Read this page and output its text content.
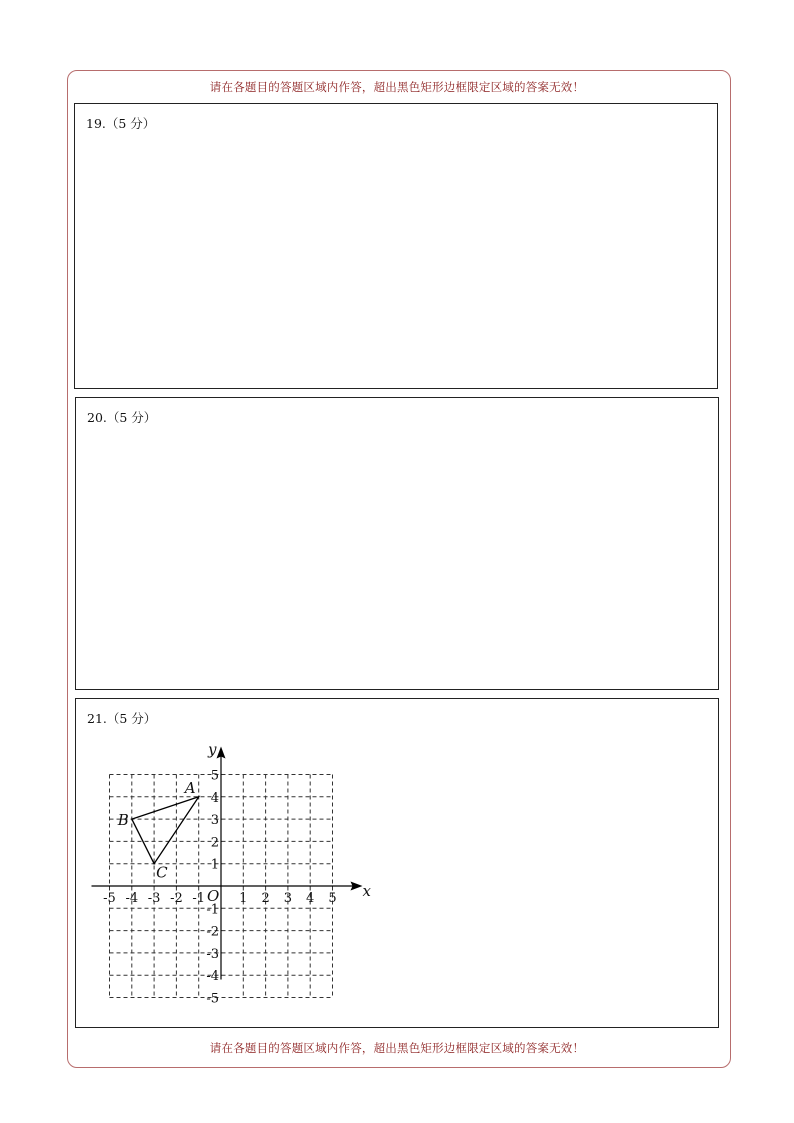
请在各题目的答题区域内作答，超出黑色矩形边框限定区域的答案无效！
19.（5 分）
20.（5 分）
21.（5 分）
x
y
O
-5 -4 -3 -2 -1	1 2 3 4 5
5
4
3
2
1
-1
-2
-3
-4
-5
A
B
C
请在各题目的答题区域内作答，超出黑色矩形边框限定区域的答案无效！
